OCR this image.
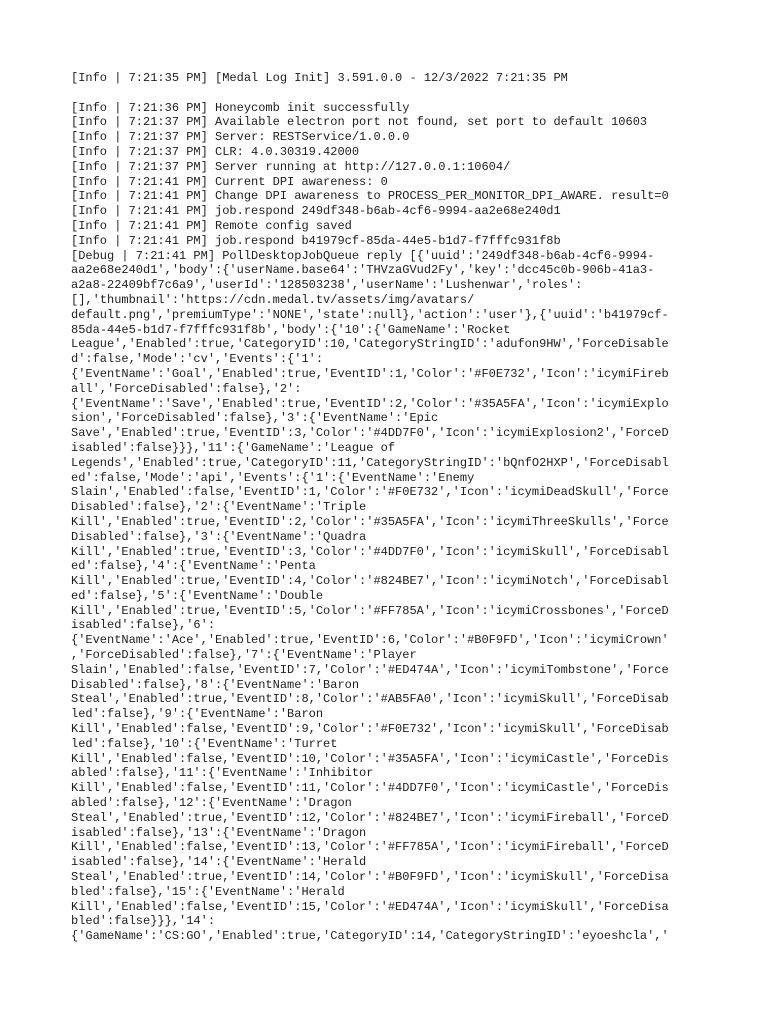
[Info | 7:21:35 PM] [Medal Log Init] 3.591.0.0 - 12/3/2022 7:21:35 PM
[Info | 7:21:36 PM] Honeycomb init successfully
[Info | 7:21:37 PM] Available electron port not found, set port to default 10603
[Info | 7:21:37 PM] Server: RESTService/1.0.0.0
[Info | 7:21:37 PM] CLR: 4.0.30319.42000
[Info | 7:21:37 PM] Server running at http://127.0.0.1:10604/
[Info | 7:21:41 PM] Current DPI awareness: 0
[Info | 7:21:41 PM] Change DPI awareness to PROCESS_PER_MONITOR_DPI_AWARE. result=0
[Info | 7:21:41 PM] job.respond 249df348-b6ab-4cf6-9994-aa2e68e240d1
[Info | 7:21:41 PM] Remote config saved
[Info | 7:21:41 PM] job.respond b41979cf-85da-44e5-b1d7-f7fffc931f8b
[Debug | 7:21:41 PM] PollDesktopJobQueue reply [{'uuid':'249df348-b6ab-4cf6-9994-
aa2e68e240d1','body':{'userName.base64':'THVzaGVud2Fy','key':'dcc45c0b-906b-41a3-
a2a8-22409bf7c6a9','userId':'128503238','userName':'Lushenwar','roles':
[],'thumbnail':'https://cdn.medal.tv/assets/img/avatars/
default.png','premiumType':'NONE','state':null},'action':'user'},{'uuid':'b41979cf-
85da-44e5-b1d7-f7fffc931f8b','body':{'10':{'GameName':'Rocket
League','Enabled':true,'CategoryID':10,'CategoryStringID':'adufon9HW','ForceDisable
d':false,'Mode':'cv','Events':{'1':
{'EventName':'Goal','Enabled':true,'EventID':1,'Color':'#F0E732','Icon':'icymiFireb
all','ForceDisabled':false},'2':
{'EventName':'Save','Enabled':true,'EventID':2,'Color':'#35A5FA','Icon':'icymiExplo
sion','ForceDisabled':false},'3':{'EventName':'Epic
Save','Enabled':true,'EventID':3,'Color':'#4DD7F0','Icon':'icymiExplosion2','ForceD
isabled':false}}},'11':{'GameName':'League of
Legends','Enabled':true,'CategoryID':11,'CategoryStringID':'bQnfO2HXP','ForceDisabl
ed':false,'Mode':'api','Events':{'1':{'EventName':'Enemy
Slain','Enabled':false,'EventID':1,'Color':'#F0E732','Icon':'icymiDeadSkull','Force
Disabled':false},'2':{'EventName':'Triple
Kill','Enabled':true,'EventID':2,'Color':'#35A5FA','Icon':'icymiThreeSkulls','Force
Disabled':false},'3':{'EventName':'Quadra
Kill','Enabled':true,'EventID':3,'Color':'#4DD7F0','Icon':'icymiSkull','ForceDisabl
ed':false},'4':{'EventName':'Penta
Kill','Enabled':true,'EventID':4,'Color':'#824BE7','Icon':'icymiNotch','ForceDisabl
ed':false},'5':{'EventName':'Double
Kill','Enabled':true,'EventID':5,'Color':'#FF785A','Icon':'icymiCrossbones','ForceD
isabled':false},'6':
{'EventName':'Ace','Enabled':true,'EventID':6,'Color':'#B0F9FD','Icon':'icymiCrown'
,'ForceDisabled':false},'7':{'EventName':'Player
Slain','Enabled':false,'EventID':7,'Color':'#ED474A','Icon':'icymiTombstone','Force
Disabled':false},'8':{'EventName':'Baron
Steal','Enabled':true,'EventID':8,'Color':'#AB5FA0','Icon':'icymiSkull','ForceDisab
led':false},'9':{'EventName':'Baron
Kill','Enabled':false,'EventID':9,'Color':'#F0E732','Icon':'icymiSkull','ForceDisab
led':false},'10':{'EventName':'Turret
Kill','Enabled':false,'EventID':10,'Color':'#35A5FA','Icon':'icymiCastle','ForceDis
abled':false},'11':{'EventName':'Inhibitor
Kill','Enabled':false,'EventID':11,'Color':'#4DD7F0','Icon':'icymiCastle','ForceDis
abled':false},'12':{'EventName':'Dragon
Steal','Enabled':true,'EventID':12,'Color':'#824BE7','Icon':'icymiFireball','ForceD
isabled':false},'13':{'EventName':'Dragon
Kill','Enabled':false,'EventID':13,'Color':'#FF785A','Icon':'icymiFireball','ForceD
isabled':false},'14':{'EventName':'Herald
Steal','Enabled':true,'EventID':14,'Color':'#B0F9FD','Icon':'icymiSkull','ForceDisa
bled':false},'15':{'EventName':'Herald
Kill','Enabled':false,'EventID':15,'Color':'#ED474A','Icon':'icymiSkull','ForceDisa
bled':false}}},'14':
{'GameName':'CS:GO','Enabled':true,'CategoryID':14,'CategoryStringID':'eyoeshcla','
